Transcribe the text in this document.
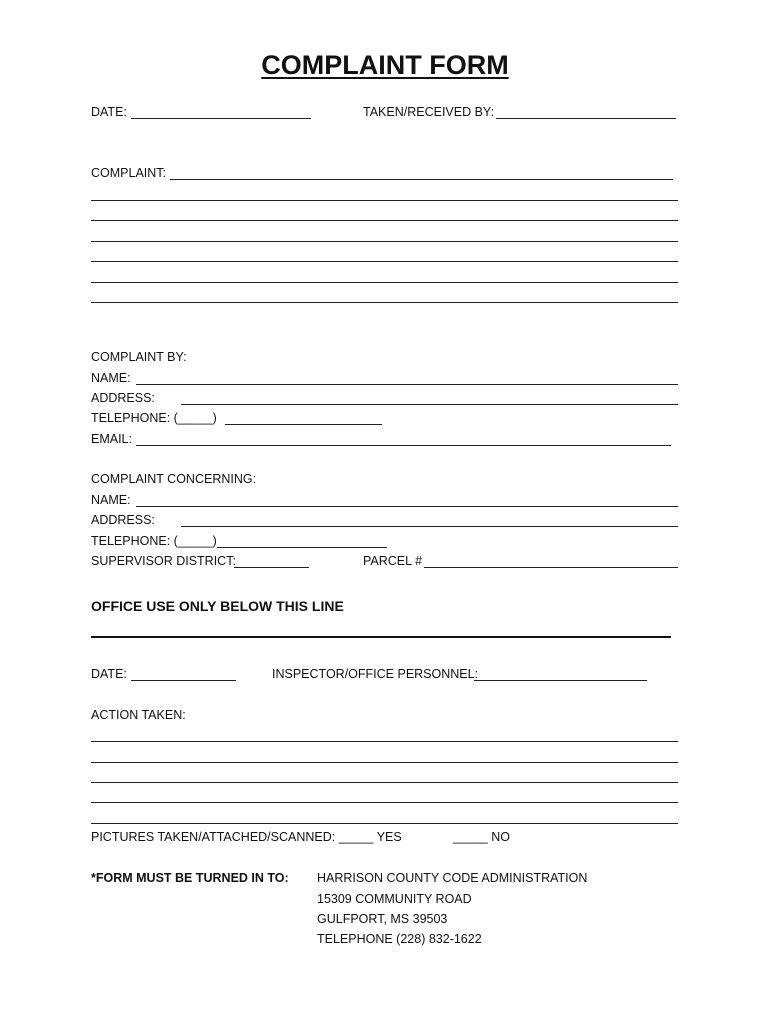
COMPLAINT FORM
DATE:	TAKEN/RECEIVED BY:
COMPLAINT:
COMPLAINT BY:
NAME:
ADDRESS:
TELEPHONE: (_____)
EMAIL:
COMPLAINT CONCERNING:
NAME:
ADDRESS:
TELEPHONE: (_____)
SUPERVISOR DISTRICT:	PARCEL #
OFFICE USE ONLY BELOW THIS LINE
DATE:	INSPECTOR/OFFICE PERSONNEL:
ACTION TAKEN:
PICTURES TAKEN/ATTACHED/SCANNED: _____ YES	_____ NO
*FORM MUST BE TURNED IN TO: HARRISON COUNTY CODE ADMINISTRATION
15309 COMMUNITY ROAD
GULFPORT, MS 39503
TELEPHONE (228) 832-1622
